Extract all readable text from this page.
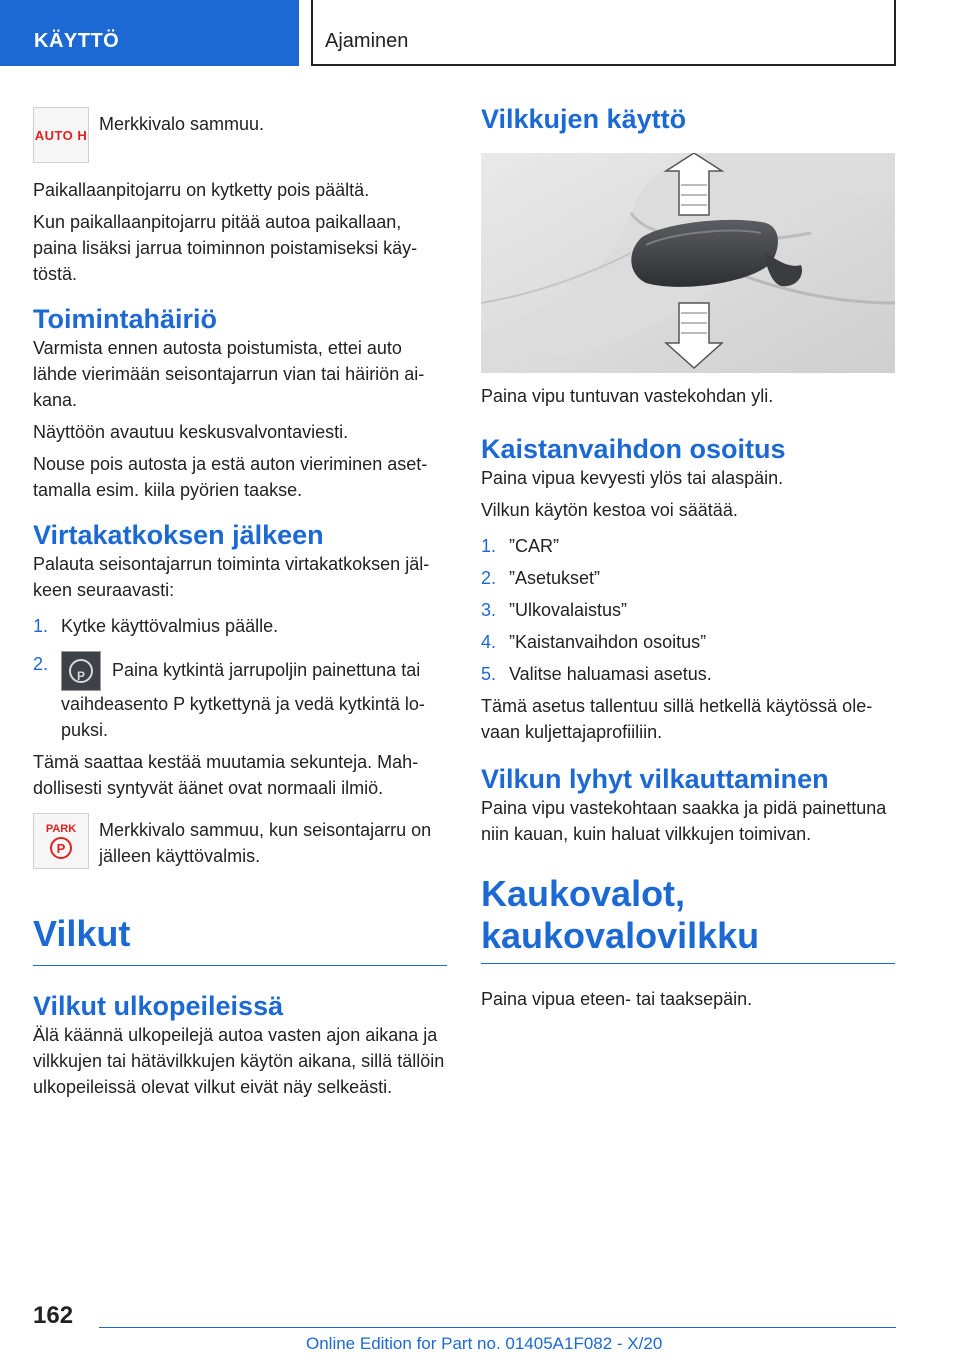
KÄYTTÖ	Ajaminen
AUTO H

Merkkivalo sammuu.

Paikallaanpitojarru on kytketty pois päältä.

Kun paikallaanpitojarru pitää autoa paikallaan, paina lisäksi jarrua toiminnon poistamiseksi käytöstä.

Toimintahäiriö

Varmista ennen autosta poistumista, ettei auto lähde vierimään seisontajarrun vian tai häiriön aikana.

Näyttöön avautuu keskusvalvontaviesti.

Nouse pois autosta ja estä auton vieriminen asettamalla esim. kiila pyörien taakse.

Virtakatkoksen jälkeen

Palauta seisontajarrun toiminta virtakatkoksen jälkeen seuraavasti:

1. Kytke käyttövalmius päälle.
2.
P	Paina kytkintä jarrupoljin painettuna tai vaihdeasento P kytkettynä ja vedä kytkintä lopuksi.

Tämä saattaa kestää muutamia sekunteja. Mahdollisesti syntyvät äänet ovat normaali ilmiö.

PARK
P

Merkkivalo sammuu, kun seisontajarru on jälleen käyttövalmis.

Vilkut
Vilkut ulkopeileissä

Älä käännä ulkopeilejä autoa vasten ajon aikana ja vilkkujen tai hätävilkkujen käytön aikana, sillä tällöin ulkopeileissä olevat vilkut eivät näy selkeästi.

Vilkkujen käyttö

Paina vipu tuntuvan vastekohdan yli.

Kaistanvaihdon osoitus

Paina vipua kevyesti ylös tai alaspäin.

Vilkun käytön kestoa voi säätää.

1. ”CAR”
2. ”Asetukset”
3. ”Ulkovalaistus”
4. ”Kaistanvaihdon osoitus”
5. Valitse haluamasi asetus.

Tämä asetus tallentuu sillä hetkellä käytössä olevaan kuljettajaprofiiliin.

Vilkun lyhyt vilkauttaminen

Paina vipu vastekohtaan saakka ja pidä painettuna niin kauan, kuin haluat vilkkujen toimivan.

Kaukovalot,
kaukovalovilkku

Paina vipua eteen- tai taaksepäin.

162
Online Edition for Part no. 01405A1F082 - X/20
